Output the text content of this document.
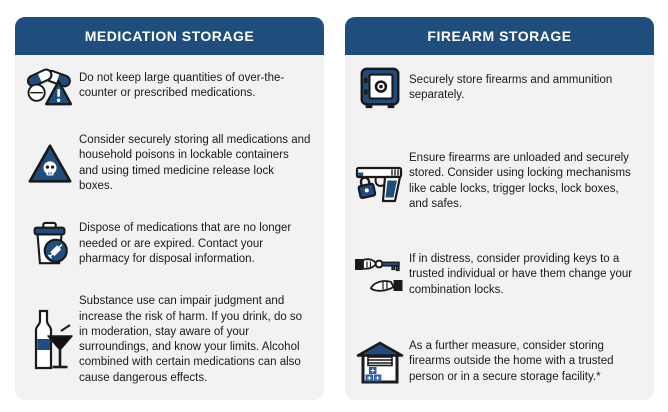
MEDICATION STORAGE

Do not keep large quantities of over-the-counter or prescribed medications.

Consider securely storing all medications and household poisons in lockable containers and using timed medicine release lock boxes.

Dispose of medications that are no longer needed or are expired. Contact your pharmacy for disposal information.

Substance use can impair judgment and increase the risk of harm. If you drink, do so in moderation, stay aware of your surroundings, and know your limits. Alcohol combined with certain medications can also cause dangerous effects.

FIREARM STORAGE

Securely store firearms and ammunition separately.

Ensure firearms are unloaded and securely stored. Consider using locking mechanisms like cable locks, trigger locks, lock boxes, and safes.

If in distress, consider providing keys to a trusted individual or have them change your combination locks.

As a further measure, consider storing firearms outside the home with a trusted person or in a secure storage facility.*
